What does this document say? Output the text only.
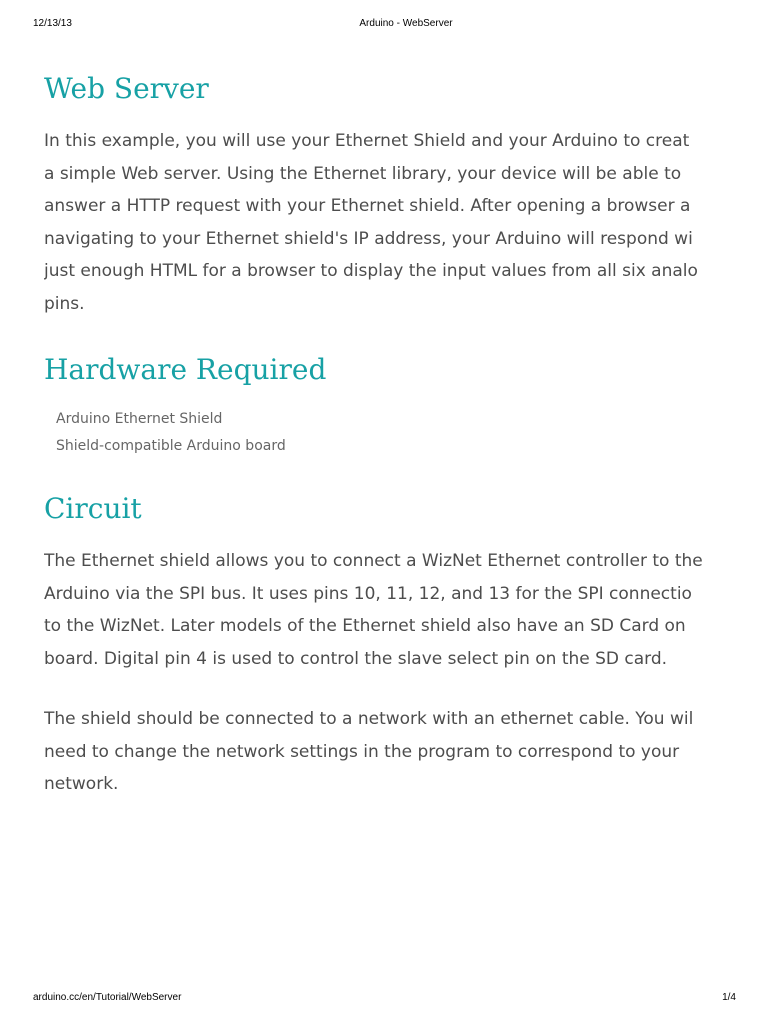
12/13/13	Arduino - WebServer
Web Server
In this example, you will use your Ethernet Shield and your Arduino to creat
a simple Web server. Using the Ethernet library, your device will be able to
answer a HTTP request with your Ethernet shield. After opening a browser a
navigating to your Ethernet shield's IP address, your Arduino will respond wi
just enough HTML for a browser to display the input values from all six analo
pins.
Hardware Required
Arduino Ethernet Shield
Shield-compatible Arduino board
Circuit
The Ethernet shield allows you to connect a WizNet Ethernet controller to the
Arduino via the SPI bus. It uses pins 10, 11, 12, and 13 for the SPI connectio
to the WizNet. Later models of the Ethernet shield also have an SD Card on
board. Digital pin 4 is used to control the slave select pin on the SD card.
The shield should be connected to a network with an ethernet cable. You wil
need to change the network settings in the program to correspond to your
network.
arduino.cc/en/Tutorial/WebServer	1/4
